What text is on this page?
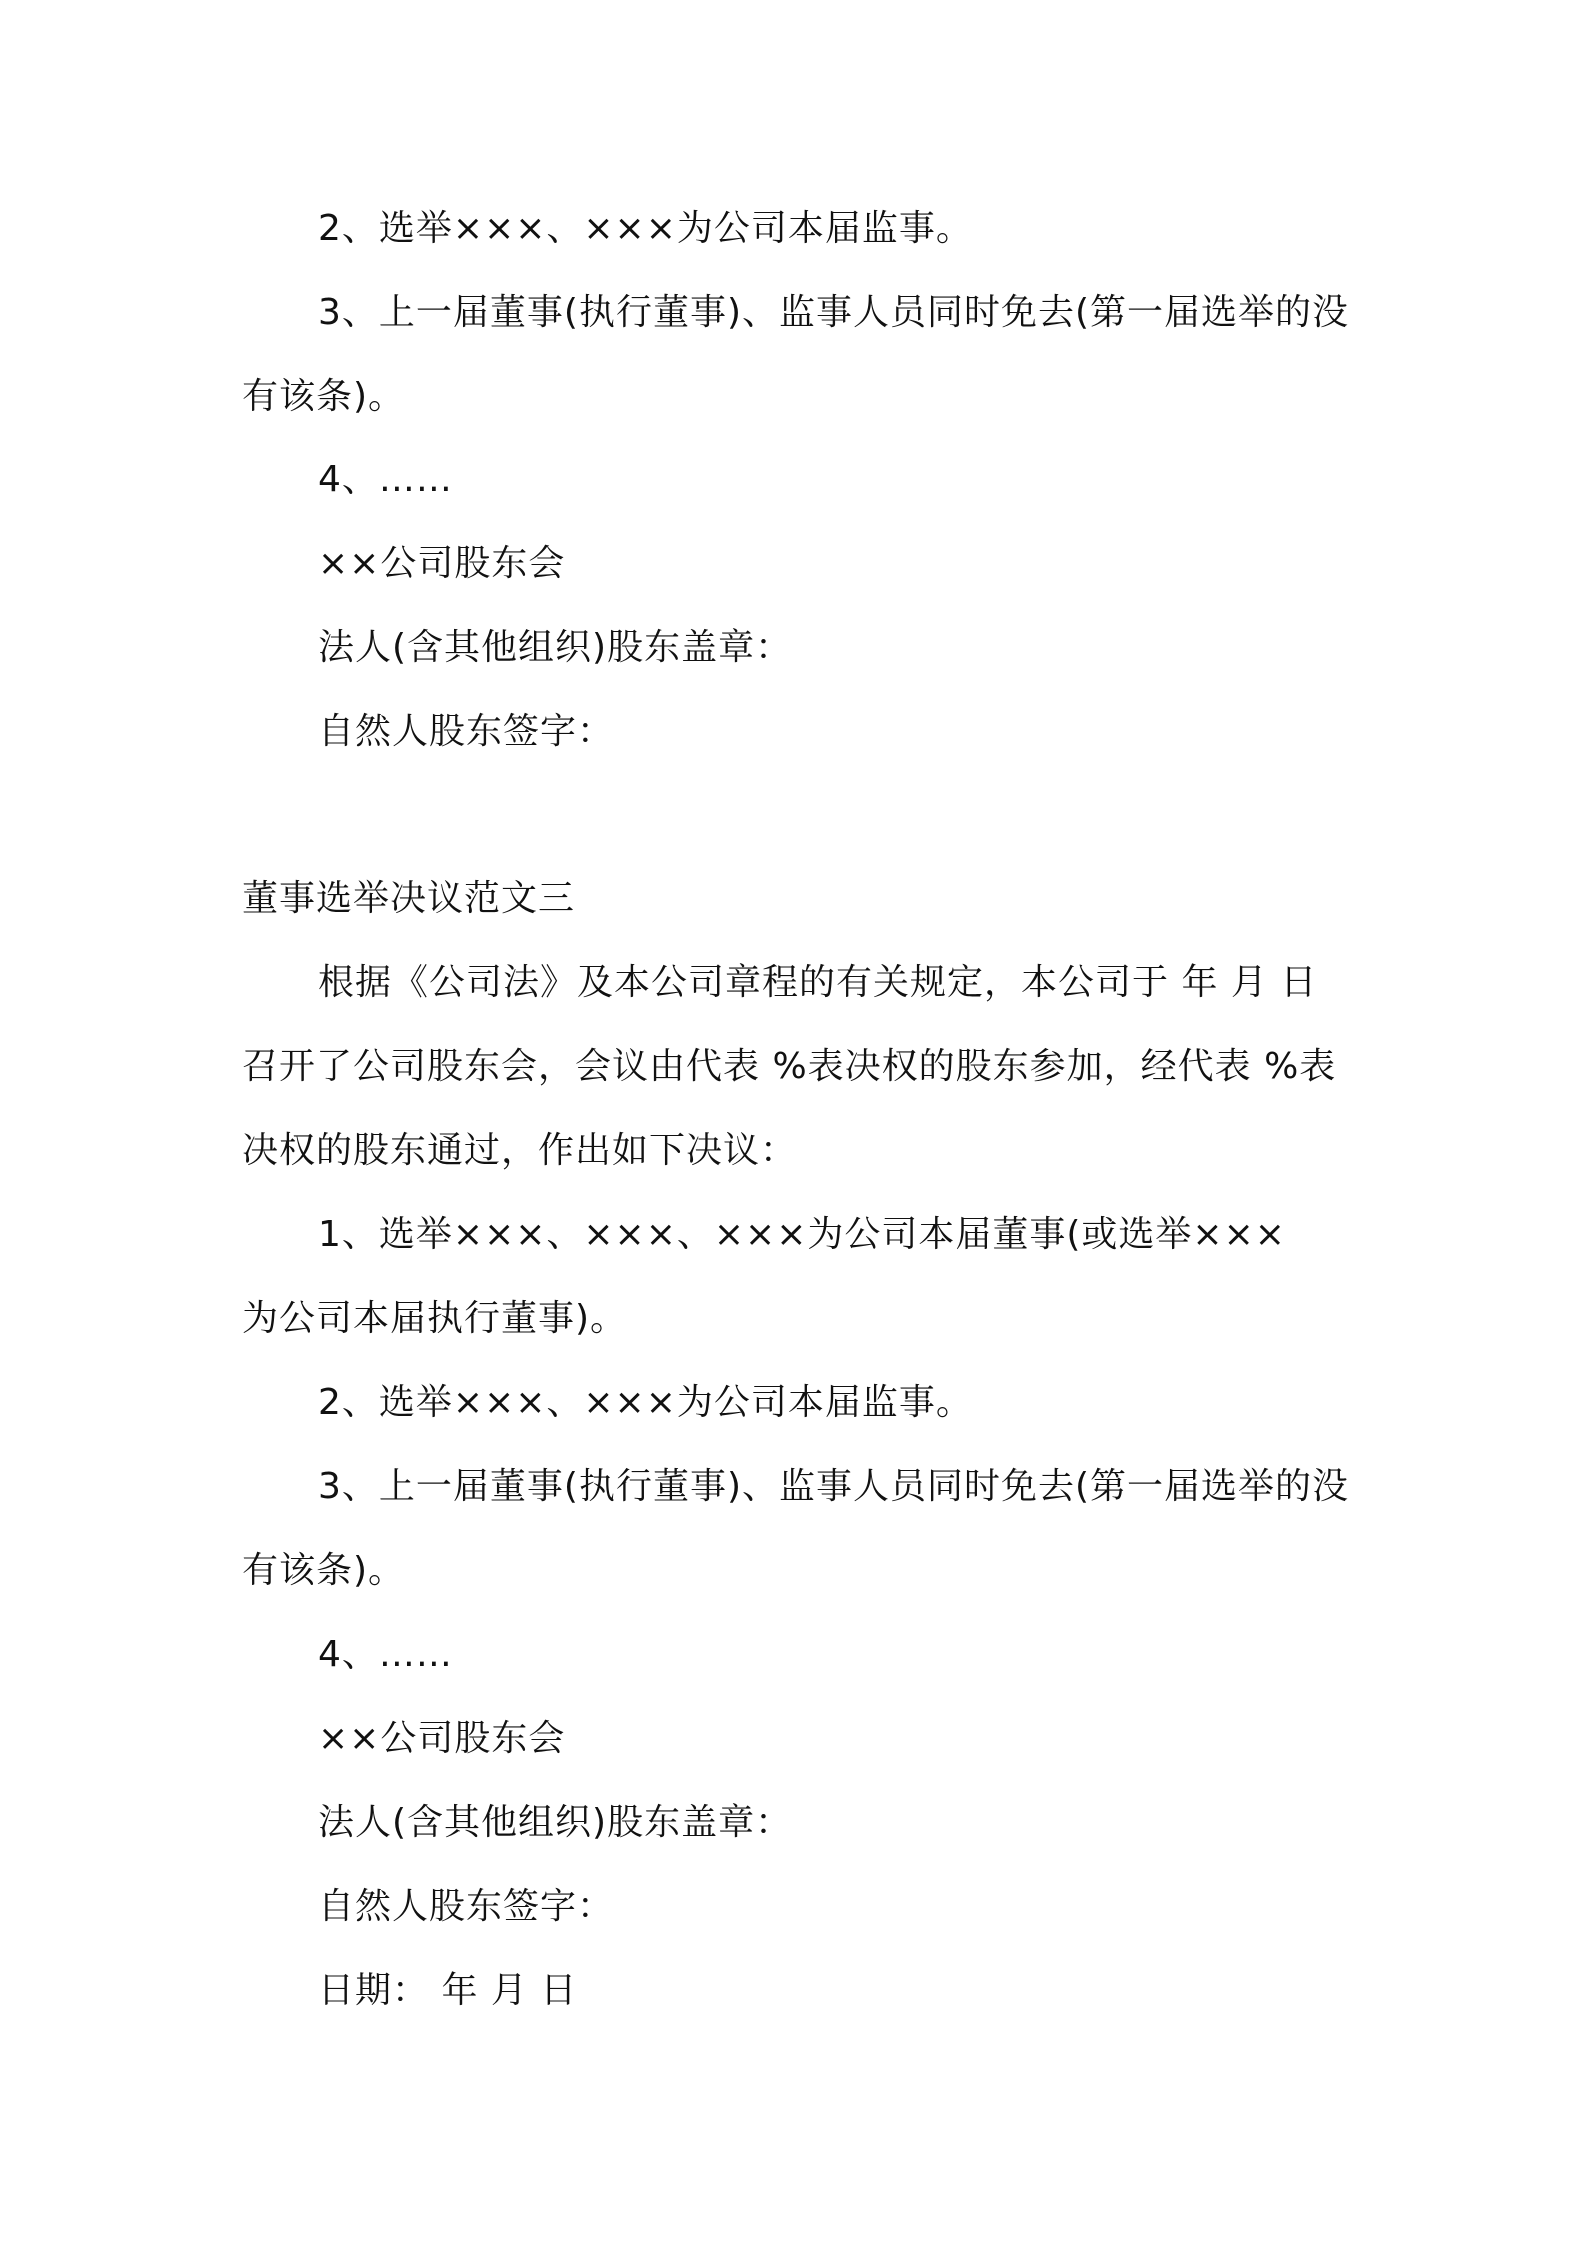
2、选举×××、×××为公司本届监事。
3、上一届董事(执行董事)、监事人员同时免去(第一届选举的没
有该条)。
4、……
××公司股东会
法人(含其他组织)股东盖章：
自然人股东签字：
董事选举决议范文三
根据《公司法》及本公司章程的有关规定，本公司于 年 月 日
召开了公司股东会，会议由代表 %表决权的股东参加，经代表 %表
决权的股东通过，作出如下决议：
1、选举×××、×××、×××为公司本届董事(或选举×××
为公司本届执行董事)。
2、选举×××、×××为公司本届监事。
3、上一届董事(执行董事)、监事人员同时免去(第一届选举的没
有该条)。
4、……
××公司股东会
法人(含其他组织)股东盖章：
自然人股东签字：
日期： 年 月 日
